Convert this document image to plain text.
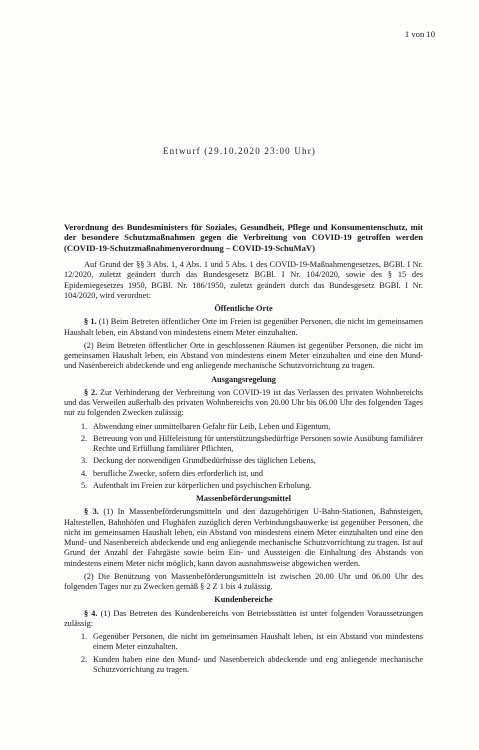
1 von 10
Entwurf (29.10.2020 23:00 Uhr)
Verordnung des Bundesministers für Soziales, Gesundheit, Pflege und Konsumentenschutz, mit der besondere Schutzmaßnahmen gegen die Verbreitung von COVID-19 getroffen werden (COVID-19-Schutzmaßnahmenverordnung – COVID-19-SchuMaV)

Auf Grund der §§ 3 Abs. 1, 4 Abs. 1 und 5 Abs. 1 des COVID-19-Maßnahmengesetzes, BGBl. I Nr. 12/2020, zuletzt geändert durch das Bundesgesetz BGBl. I Nr. 104/2020, sowie des § 15 des Epidemiegesetzes 1950, BGBl. Nr. 186/1950, zuletzt geändert durch das Bundesgesetz BGBl. I Nr. 104/2020, wird verordnet:

Öffentliche Orte

§ 1. (1) Beim Betreten öffentlicher Orte im Freien ist gegenüber Personen, die nicht im gemeinsamen Haushalt leben, ein Abstand von mindestens einem Meter einzuhalten.

(2) Beim Betreten öffentlicher Orte in geschlossenen Räumen ist gegenüber Personen, die nicht im gemeinsamen Haushalt leben, ein Abstand von mindestens einem Meter einzuhalten und eine den Mund- und Nasenbereich abdeckende und eng anliegende mechanische Schutzvorrichtung zu tragen.

Ausgangsregelung

§ 2. Zur Verhinderung der Verbreitung von COVID-19 ist das Verlassen des privaten Wohnbereichs und das Verweilen außerhalb des privaten Wohnbereichs von 20.00 Uhr bis 06.00 Uhr des folgenden Tages nur zu folgenden Zwecken zulässig:

1. Abwendung einer unmittelbaren Gefahr für Leib, Leben und Eigentum,
2. Betreuung von und Hilfeleistung für unterstützungsbedürftige Personen sowie Ausübung familiärer Rechte und Erfüllung familiärer Pflichten,
3. Deckung der notwendigen Grundbedürfnisse des täglichen Lebens,
4. berufliche Zwecke, sofern dies erforderlich ist, und
5. Aufenthalt im Freien zur körperlichen und psychischen Erholung.
Massenbeförderungsmittel

§ 3. (1) In Massenbeförderungsmitteln und den dazugehörigen U-Bahn-Stationen, Bahnsteigen, Haltestellen, Bahnhöfen und Flughäfen zuzüglich deren Verbindungsbauwerke ist gegenüber Personen, die nicht im gemeinsamen Haushalt leben, ein Abstand von mindestens einem Meter einzuhalten und eine den Mund- und Nasenbereich abdeckende und eng anliegende mechanische Schutzvorrichtung zu tragen. Ist auf Grund der Anzahl der Fahrgäste sowie beim Ein- und Aussteigen die Einhaltung des Abstands von mindestens einem Meter nicht möglich, kann davon ausnahmsweise abgewichen werden.

(2) Die Benützung von Massenbeförderungsmitteln ist zwischen 20.00 Uhr und 06.00 Uhr des folgenden Tages nur zu Zwecken gemäß § 2 Z 1 bis 4 zulässig.

Kundenbereiche

§ 4. (1) Das Betreten des Kundenbereichs von Betriebsstätten ist unter folgenden Voraussetzungen zulässig:

1. Gegenüber Personen, die nicht im gemeinsamen Haushalt leben, ist ein Abstand von mindestens einem Meter einzuhalten.
2. Kunden haben eine den Mund- und Nasenbereich abdeckende und eng anliegende mechanische Schutzvorrichtung zu tragen.
